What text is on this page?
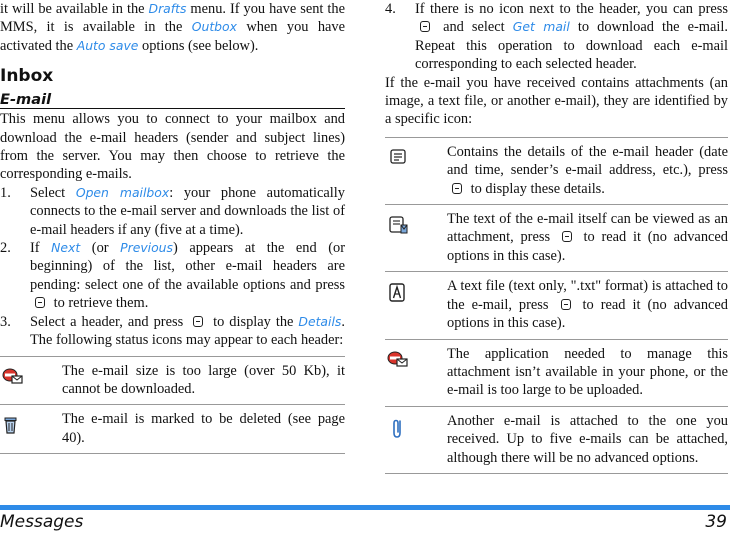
it will be available in the Drafts menu. If you have sent the MMS, it is available in the Outbox when you have activated the Auto save options (see below).

Inbox
E-mail

This menu allows you to connect to your mailbox and download the e-mail headers (sender and subject lines) from the server. You may then choose to retrieve the corresponding e-mails.

1.	Select Open mailbox: your phone automatically connects to the e-mail server and downloads the list of e-mail headers if any (five at a time).
2.	If Next (or Previous) appears at the end (or beginning) of the list, other e-mail headers are pending: select one of the available options and press  to retrieve them.
3.	Select a header, and press  to display the Details. The following status icons may appear to each header:
	The e-mail size is too large (over 50 Kb), it cannot be downloaded.

	The e-mail is marked to be deleted (see page 40).
4.	If there is no icon next to the header, you can press  and select Get mail to download the e-mail. Repeat this operation to download each e-mail corresponding to each selected header.

If the e-mail you have received contains attachments (an image, a text file, or another e-mail), they are identified by a specific icon:

	Contains the details of the e-mail header (date and time, sender’s e-mail address, etc.), press  to display these details.

	The text of the e-mail itself can be viewed as an attachment, press  to read it (no advanced options in this case).

	A text file (text only, ".txt" format) is attached to the e-mail, press  to read it (no advanced options in this case).

	The application needed to manage this attachment isn’t available in your phone, or the e-mail is too large to be uploaded.

	Another e-mail is attached to the one you received. Up to five e-mails can be attached, although there will be no advanced options.
Messages	39
